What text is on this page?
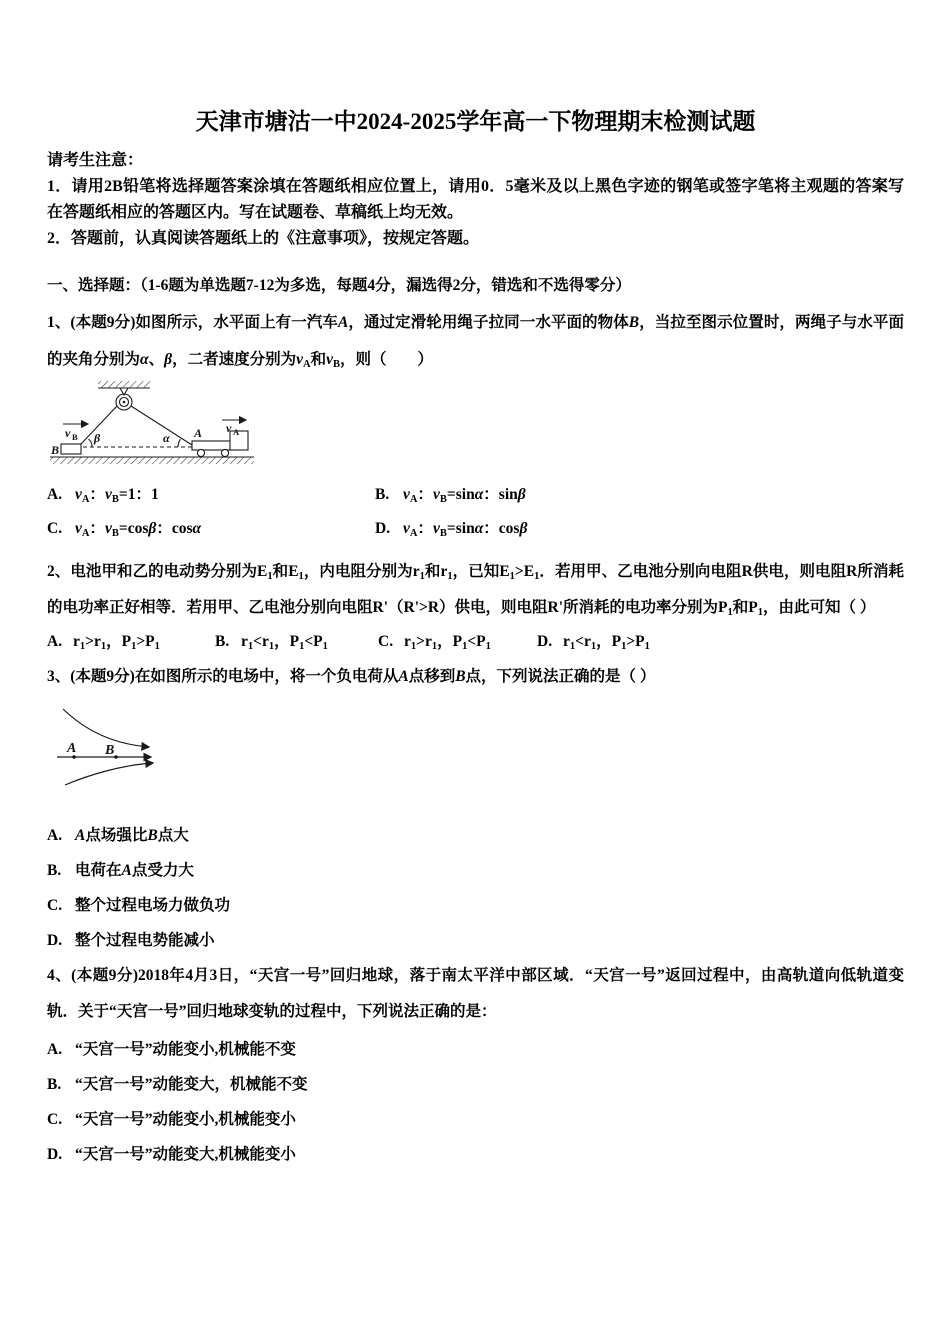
天津市塘沽一中2024-2025学年高一下物理期末检测试题

请考生注意：

1．请用2B铅笔将选择题答案涂填在答题纸相应位置上，请用0．5毫米及以上黑色字迹的钢笔或签字笔将主观题的答案写在答题纸相应的答题区内。写在试题卷、草稿纸上均无效。

2．答题前，认真阅读答题纸上的《注意事项》，按规定答题。

一、选择题：（1-6题为单选题7-12为多选，每题4分，漏选得2分，错选和不选得零分）

1、(本题9分)如图所示，水平面上有一汽车A，通过定滑轮用绳子拉同一水平面的物体B，当拉至图示位置时，两绳子与水平面的夹角分别为α、β，二者速度分别为$v_A$和$v_B$，则（　　）

B
v B β	α A v A
A. $v_A$：$v_B=1$：1	B. $v_A$：$v_B=\sin\alpha$：sinβ
C. $v_A$：$v_B=\cos\beta$：cosα	D. $v_A$：$v_B=\sin\alpha$：cosβ

2、电池甲和乙的电动势分别为$E_1$和$E_1$，内电阻分别为$r_1$和$r_1$，已知$E_1>E_1$．若用甲、乙电池分别向电阻R供电，则电阻R所消耗的电功率正好相等．若用甲、乙电池分别向电阻R'（R'>R）供电，则电阻R'所消耗的电功率分别为$P_1$和$P_1$，由此可知（ ）

A. $r_1>r_1$，$P_1>P_1$	B. $r_1<r_1$，$P_1<P_1$	C. $r_1>r_1$，$P_1<P_1$	D. $r_1<r_1$，$P_1>P_1$

3、(本题9分)在如图所示的电场中，将一个负电荷从A点移到B点，下列说法正确的是（ ）

A B
A. A点场强比B点大
B. 电荷在A点受力大
C. 整个过程电场力做负功
D. 整个过程电势能减小

4、(本题9分)2018年4月3日，“天宫一号”回归地球，落于南太平洋中部区域．“天宫一号”返回过程中，由高轨道向低轨道变轨．关于“天宫一号”回归地球变轨的过程中，下列说法正确的是：

A. “天宫一号”动能变小,机械能不变
B. “天宫一号”动能变大，机械能不变
C. “天宫一号”动能变小,机械能变小
D. “天宫一号”动能变大,机械能变小
